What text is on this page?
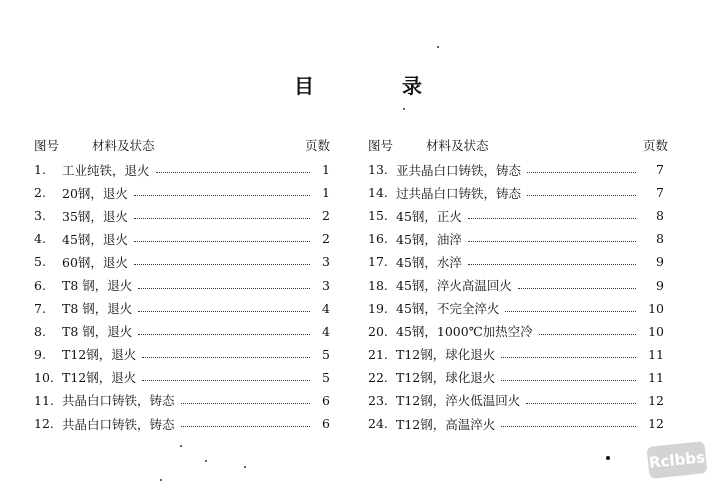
目　录
图号	材料及状态	页数
1.	工业纯铁，退火	1
2.	20钢，退火	1
3.	35钢，退火	2
4.	45钢，退火	2
5.	60钢，退火	3
6.	T8 钢，退火	3
7.	T8 钢，退火	4
8.	T8 钢，退火	4
9.	T12钢，退火	5
10. T12钢，退火	5
11. 共晶白口铸铁，铸态	6
12. 共晶白口铸铁，铸态	6
图号	材料及状态	页数
13. 亚共晶白口铸铁，铸态	7
14. 过共晶白口铸铁，铸态	7
15. 45钢，正火	8
16. 45钢，油淬	8
17. 45钢，水淬	9
18. 45钢，淬火高温回火	9
19. 45钢，不完全淬火	10
20. 45钢，1000℃加热空冷	10
21. T12钢，球化退火	11
22. T12钢，球化退火	11
23. T12钢，淬火低温回火	12
24. T12钢，高温淬火	12
Rclbbs
